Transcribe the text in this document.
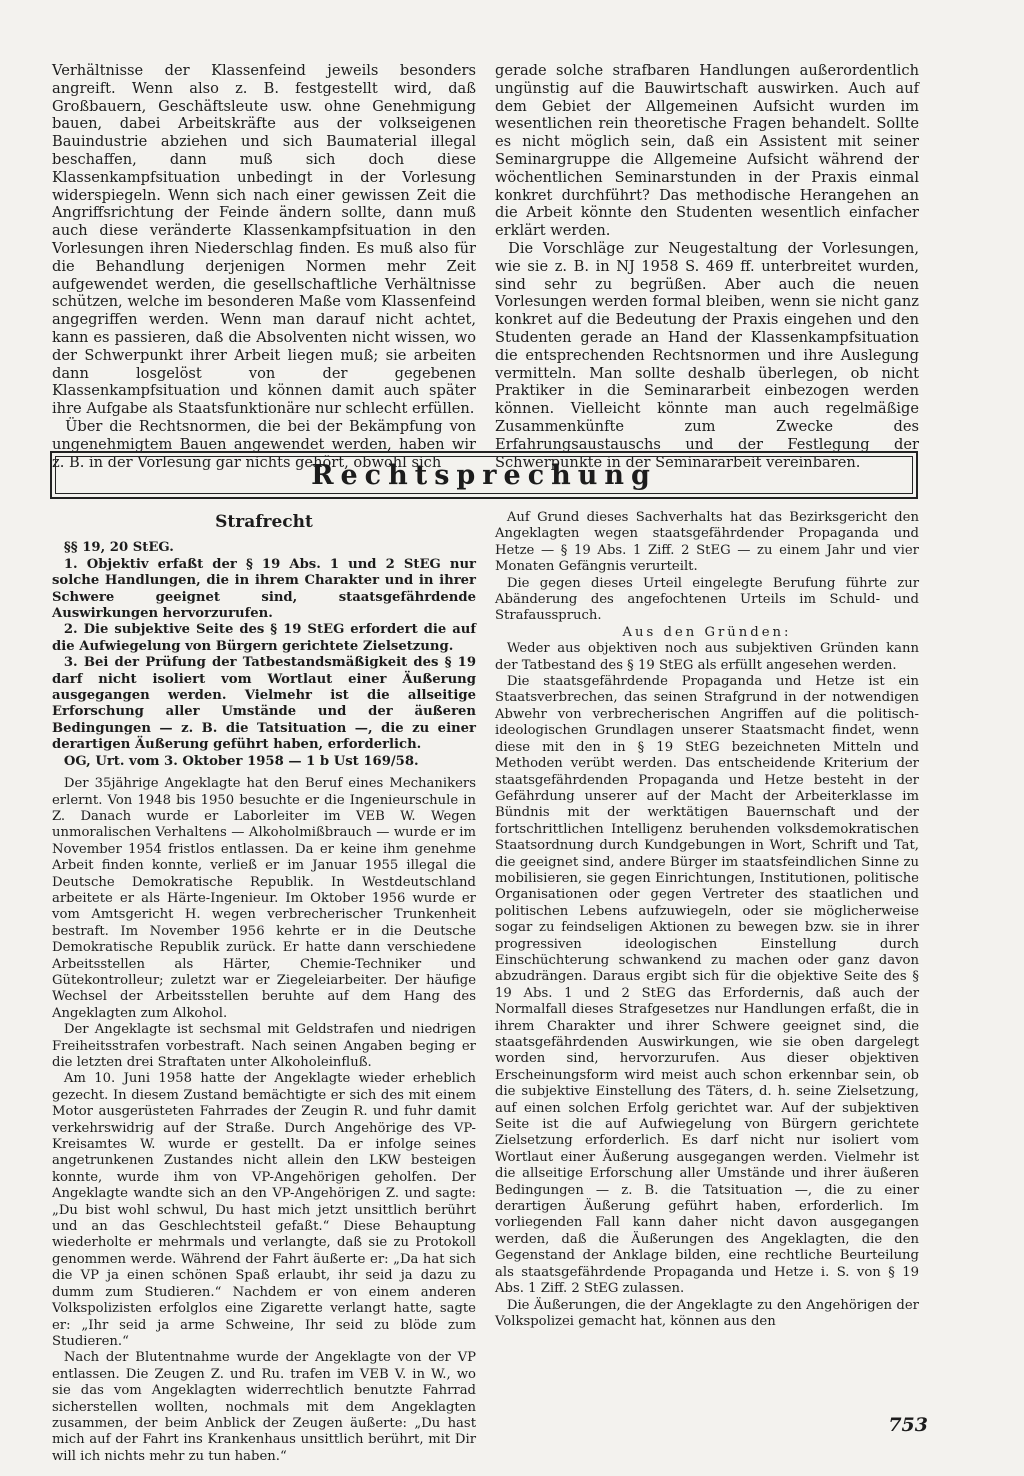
Verhältnisse der Klassenfeind jeweils besonders angreift. Wenn also z. B. festgestellt wird, daß Großbauern, Geschäftsleute usw. ohne Genehmigung bauen, dabei Arbeitskräfte aus der volkseigenen Bauindustrie abziehen und sich Baumaterial illegal beschaffen, dann muß sich doch diese Klassenkampfsituation unbedingt in der Vorlesung widerspiegeln. Wenn sich nach einer gewissen Zeit die Angriffsrichtung der Feinde ändern sollte, dann muß auch diese veränderte Klassenkampfsituation in den Vorlesungen ihren Niederschlag finden. Es muß also für die Behandlung derjenigen Normen mehr Zeit aufgewendet werden, die gesellschaftliche Verhältnisse schützen, welche im besonderen Maße vom Klassenfeind angegriffen werden. Wenn man darauf nicht achtet, kann es passieren, daß die Absolventen nicht wissen, wo der Schwerpunkt ihrer Arbeit liegen muß; sie arbeiten dann losgelöst von der gegebenen Klassenkampfsituation und können damit auch später ihre Aufgabe als Staatsfunktionäre nur schlecht erfüllen.

Über die Rechtsnormen, die bei der Bekämpfung von ungenehmigtem Bauen angewendet werden, haben wir z. B. in der Vorlesung gar nichts gehört, obwohl sich

gerade solche strafbaren Handlungen außerordentlich ungünstig auf die Bauwirtschaft auswirken. Auch auf dem Gebiet der Allgemeinen Aufsicht wurden im wesentlichen rein theoretische Fragen behandelt. Sollte es nicht möglich sein, daß ein Assistent mit seiner Seminargruppe die Allgemeine Aufsicht während der wöchentlichen Seminarstunden in der Praxis einmal konkret durchführt? Das methodische Herangehen an die Arbeit könnte den Studenten wesentlich einfacher erklärt werden.

Die Vorschläge zur Neugestaltung der Vorlesungen, wie sie z. B. in NJ 1958 S. 469 ff. unterbreitet wurden, sind sehr zu begrüßen. Aber auch die neuen Vorlesungen werden formal bleiben, wenn sie nicht ganz konkret auf die Bedeutung der Praxis eingehen und den Studenten gerade an Hand der Klassenkampfsituation die entsprechenden Rechtsnormen und ihre Auslegung vermitteln. Man sollte deshalb überlegen, ob nicht Praktiker in die Seminararbeit einbezogen werden können. Vielleicht könnte man auch regelmäßige Zusammenkünfte zum Zwecke des Erfahrungsaustauschs und der Festlegung der Schwerpunkte in der Seminararbeit vereinbaren.

Rechtsprechung
Strafrecht

§§ 19, 20 StEG.

1. Objektiv erfaßt der § 19 Abs. 1 und 2 StEG nur solche Handlungen, die in ihrem Charakter und in ihrer Schwere geeignet sind, staatsgefährdende Auswirkungen hervorzurufen.

2. Die subjektive Seite des § 19 StEG erfordert die auf die Aufwiegelung von Bürgern gerichtete Zielsetzung.

3. Bei der Prüfung der Tatbestandsmäßigkeit des § 19 darf nicht isoliert vom Wortlaut einer Äußerung ausgegangen werden. Vielmehr ist die allseitige Erforschung aller Umstände und der äußeren Bedingungen — z. B. die Tatsituation —, die zu einer derartigen Äußerung geführt haben, erforderlich.

OG, Urt. vom 3. Oktober 1958 — 1 b Ust 169/58.

Der 35jährige Angeklagte hat den Beruf eines Mechanikers erlernt. Von 1948 bis 1950 besuchte er die Ingenieurschule in Z. Danach wurde er Laborleiter im VEB W. Wegen unmoralischen Verhaltens — Alkoholmißbrauch — wurde er im November 1954 fristlos entlassen. Da er keine ihm genehme Arbeit finden konnte, verließ er im Januar 1955 illegal die Deutsche Demokratische Republik. In Westdeutschland arbeitete er als Härte-Ingenieur. Im Oktober 1956 wurde er vom Amtsgericht H. wegen verbrecherischer Trunkenheit bestraft. Im November 1956 kehrte er in die Deutsche Demokratische Republik zurück. Er hatte dann verschiedene Arbeitsstellen als Härter, Chemie-Techniker und Gütekontrolleur; zuletzt war er Ziegeleiarbeiter. Der häufige Wechsel der Arbeitsstellen beruhte auf dem Hang des Angeklagten zum Alkohol.

Der Angeklagte ist sechsmal mit Geldstrafen und niedrigen Freiheitsstrafen vorbestraft. Nach seinen Angaben beging er die letzten drei Straftaten unter Alkoholeinfluß.

Am 10. Juni 1958 hatte der Angeklagte wieder erheblich gezecht. In diesem Zustand bemächtigte er sich des mit einem Motor ausgerüsteten Fahrrades der Zeugin R. und fuhr damit verkehrswidrig auf der Straße. Durch Angehörige des VP-Kreisamtes W. wurde er gestellt. Da er infolge seines angetrunkenen Zustandes nicht allein den LKW besteigen konnte, wurde ihm von VP-Angehörigen geholfen. Der Angeklagte wandte sich an den VP-Angehörigen Z. und sagte: „Du bist wohl schwul, Du hast mich jetzt unsittlich berührt und an das Geschlechtsteil gefaßt.“ Diese Behauptung wiederholte er mehrmals und verlangte, daß sie zu Protokoll genommen werde. Während der Fahrt äußerte er: „Da hat sich die VP ja einen schönen Spaß erlaubt, ihr seid ja dazu zu dumm zum Studieren.“ Nachdem er von einem anderen Volkspolizisten erfolglos eine Zigarette verlangt hatte, sagte er: „Ihr seid ja arme Schweine, Ihr seid zu blöde zum Studieren.“

Nach der Blutentnahme wurde der Angeklagte von der VP entlassen. Die Zeugen Z. und Ru. trafen im VEB V. in W., wo sie das vom Angeklagten widerrechtlich benutzte Fahrrad sicherstellen wollten, nochmals mit dem Angeklagten zusammen, der beim Anblick der Zeugen äußerte: „Du hast mich auf der Fahrt ins Krankenhaus unsittlich berührt, mit Dir will ich nichts mehr zu tun haben.“

Auf Grund dieses Sachverhalts hat das Bezirksgericht den Angeklagten wegen staatsgefährdender Propaganda und Hetze — § 19 Abs. 1 Ziff. 2 StEG — zu einem Jahr und vier Monaten Gefängnis verurteilt.

Die gegen dieses Urteil eingelegte Berufung führte zur Abänderung des angefochtenen Urteils im Schuld- und Strafausspruch.

Aus den Gründen:

Weder aus objektiven noch aus subjektiven Gründen kann der Tatbestand des § 19 StEG als erfüllt angesehen werden.

Die staatsgefährdende Propaganda und Hetze ist ein Staatsverbrechen, das seinen Strafgrund in der notwendigen Abwehr von verbrecherischen Angriffen auf die politisch-ideologischen Grundlagen unserer Staatsmacht findet, wenn diese mit den in § 19 StEG bezeichneten Mitteln und Methoden verübt werden. Das entscheidende Kriterium der staatsgefährdenden Propaganda und Hetze besteht in der Gefährdung unserer auf der Macht der Arbeiterklasse im Bündnis mit der werktätigen Bauernschaft und der fortschrittlichen Intelligenz beruhenden volksdemokratischen Staatsordnung durch Kundgebungen in Wort, Schrift und Tat, die geeignet sind, andere Bürger im staatsfeindlichen Sinne zu mobilisieren, sie gegen Einrichtungen, Institutionen, politische Organisationen oder gegen Vertreter des staatlichen und politischen Lebens aufzuwiegeln, oder sie möglicherweise sogar zu feindseligen Aktionen zu bewegen bzw. sie in ihrer progressiven ideologischen Einstellung durch Einschüchterung schwankend zu machen oder ganz davon abzudrängen. Daraus ergibt sich für die objektive Seite des § 19 Abs. 1 und 2 StEG das Erfordernis, daß auch der Normalfall dieses Strafgesetzes nur Handlungen erfaßt, die in ihrem Charakter und ihrer Schwere geeignet sind, die staatsgefährdenden Auswirkungen, wie sie oben dargelegt worden sind, hervorzurufen. Aus dieser objektiven Erscheinungsform wird meist auch schon erkennbar sein, ob die subjektive Einstellung des Täters, d. h. seine Zielsetzung, auf einen solchen Erfolg gerichtet war. Auf der subjektiven Seite ist die auf Aufwiegelung von Bürgern gerichtete Zielsetzung erforderlich. Es darf nicht nur isoliert vom Wortlaut einer Äußerung ausgegangen werden. Vielmehr ist die allseitige Erforschung aller Umstände und ihrer äußeren Bedingungen — z. B. die Tatsituation —, die zu einer derartigen Äußerung geführt haben, erforderlich. Im vorliegenden Fall kann daher nicht davon ausgegangen werden, daß die Äußerungen des Angeklagten, die den Gegenstand der Anklage bilden, eine rechtliche Beurteilung als staatsgefährdende Propaganda und Hetze i. S. von § 19 Abs. 1 Ziff. 2 StEG zulassen.

Die Äußerungen, die der Angeklagte zu den Angehörigen der Volkspolizei gemacht hat, können aus den

753
